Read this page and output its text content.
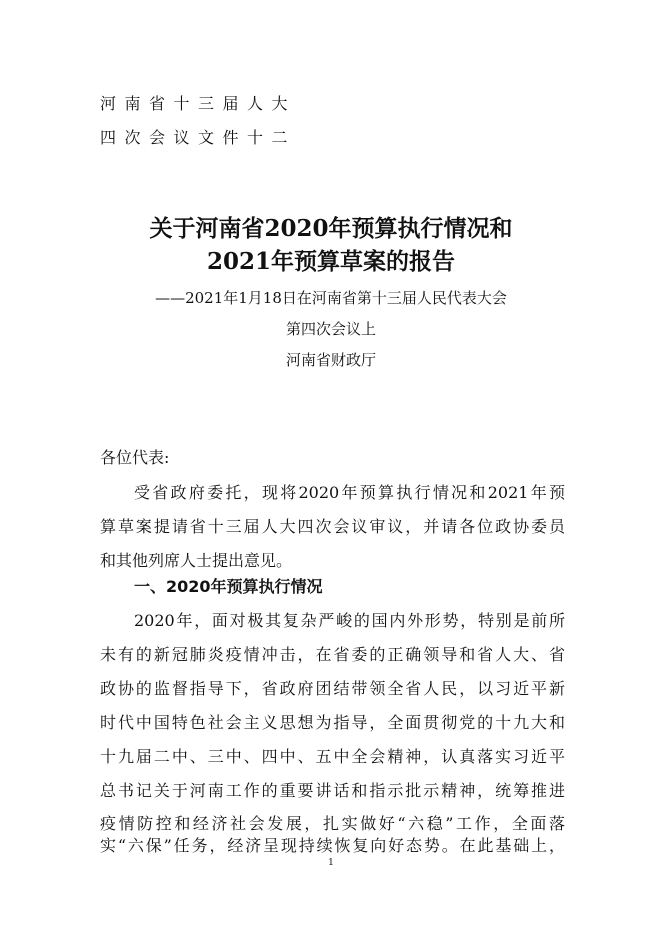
河南省十三届人大
四次会议文件十二
关于河南省2020年预算执行情况和
2021年预算草案的报告
——2021年1月18日在河南省第十三届人民代表大会
第四次会议上
河南省财政厅
各位代表:
受省政府委托，现将2020年预算执行情况和2021年预
算草案提请省十三届人大四次会议审议，并请各位政协委员
和其他列席人士提出意见。
一、2020年预算执行情况
2020年，面对极其复杂严峻的国内外形势，特别是前所
未有的新冠肺炎疫情冲击，在省委的正确领导和省人大、省
政协的监督指导下，省政府团结带领全省人民，以习近平新
时代中国特色社会主义思想为指导，全面贯彻党的十九大和
十九届二中、三中、四中、五中全会精神，认真落实习近平
总书记关于河南工作的重要讲话和指示批示精神，统筹推进
疫情防控和经济社会发展，扎实做好“六稳”工作，全面落
实“六保”任务，经济呈现持续恢复向好态势。在此基础上，
1
